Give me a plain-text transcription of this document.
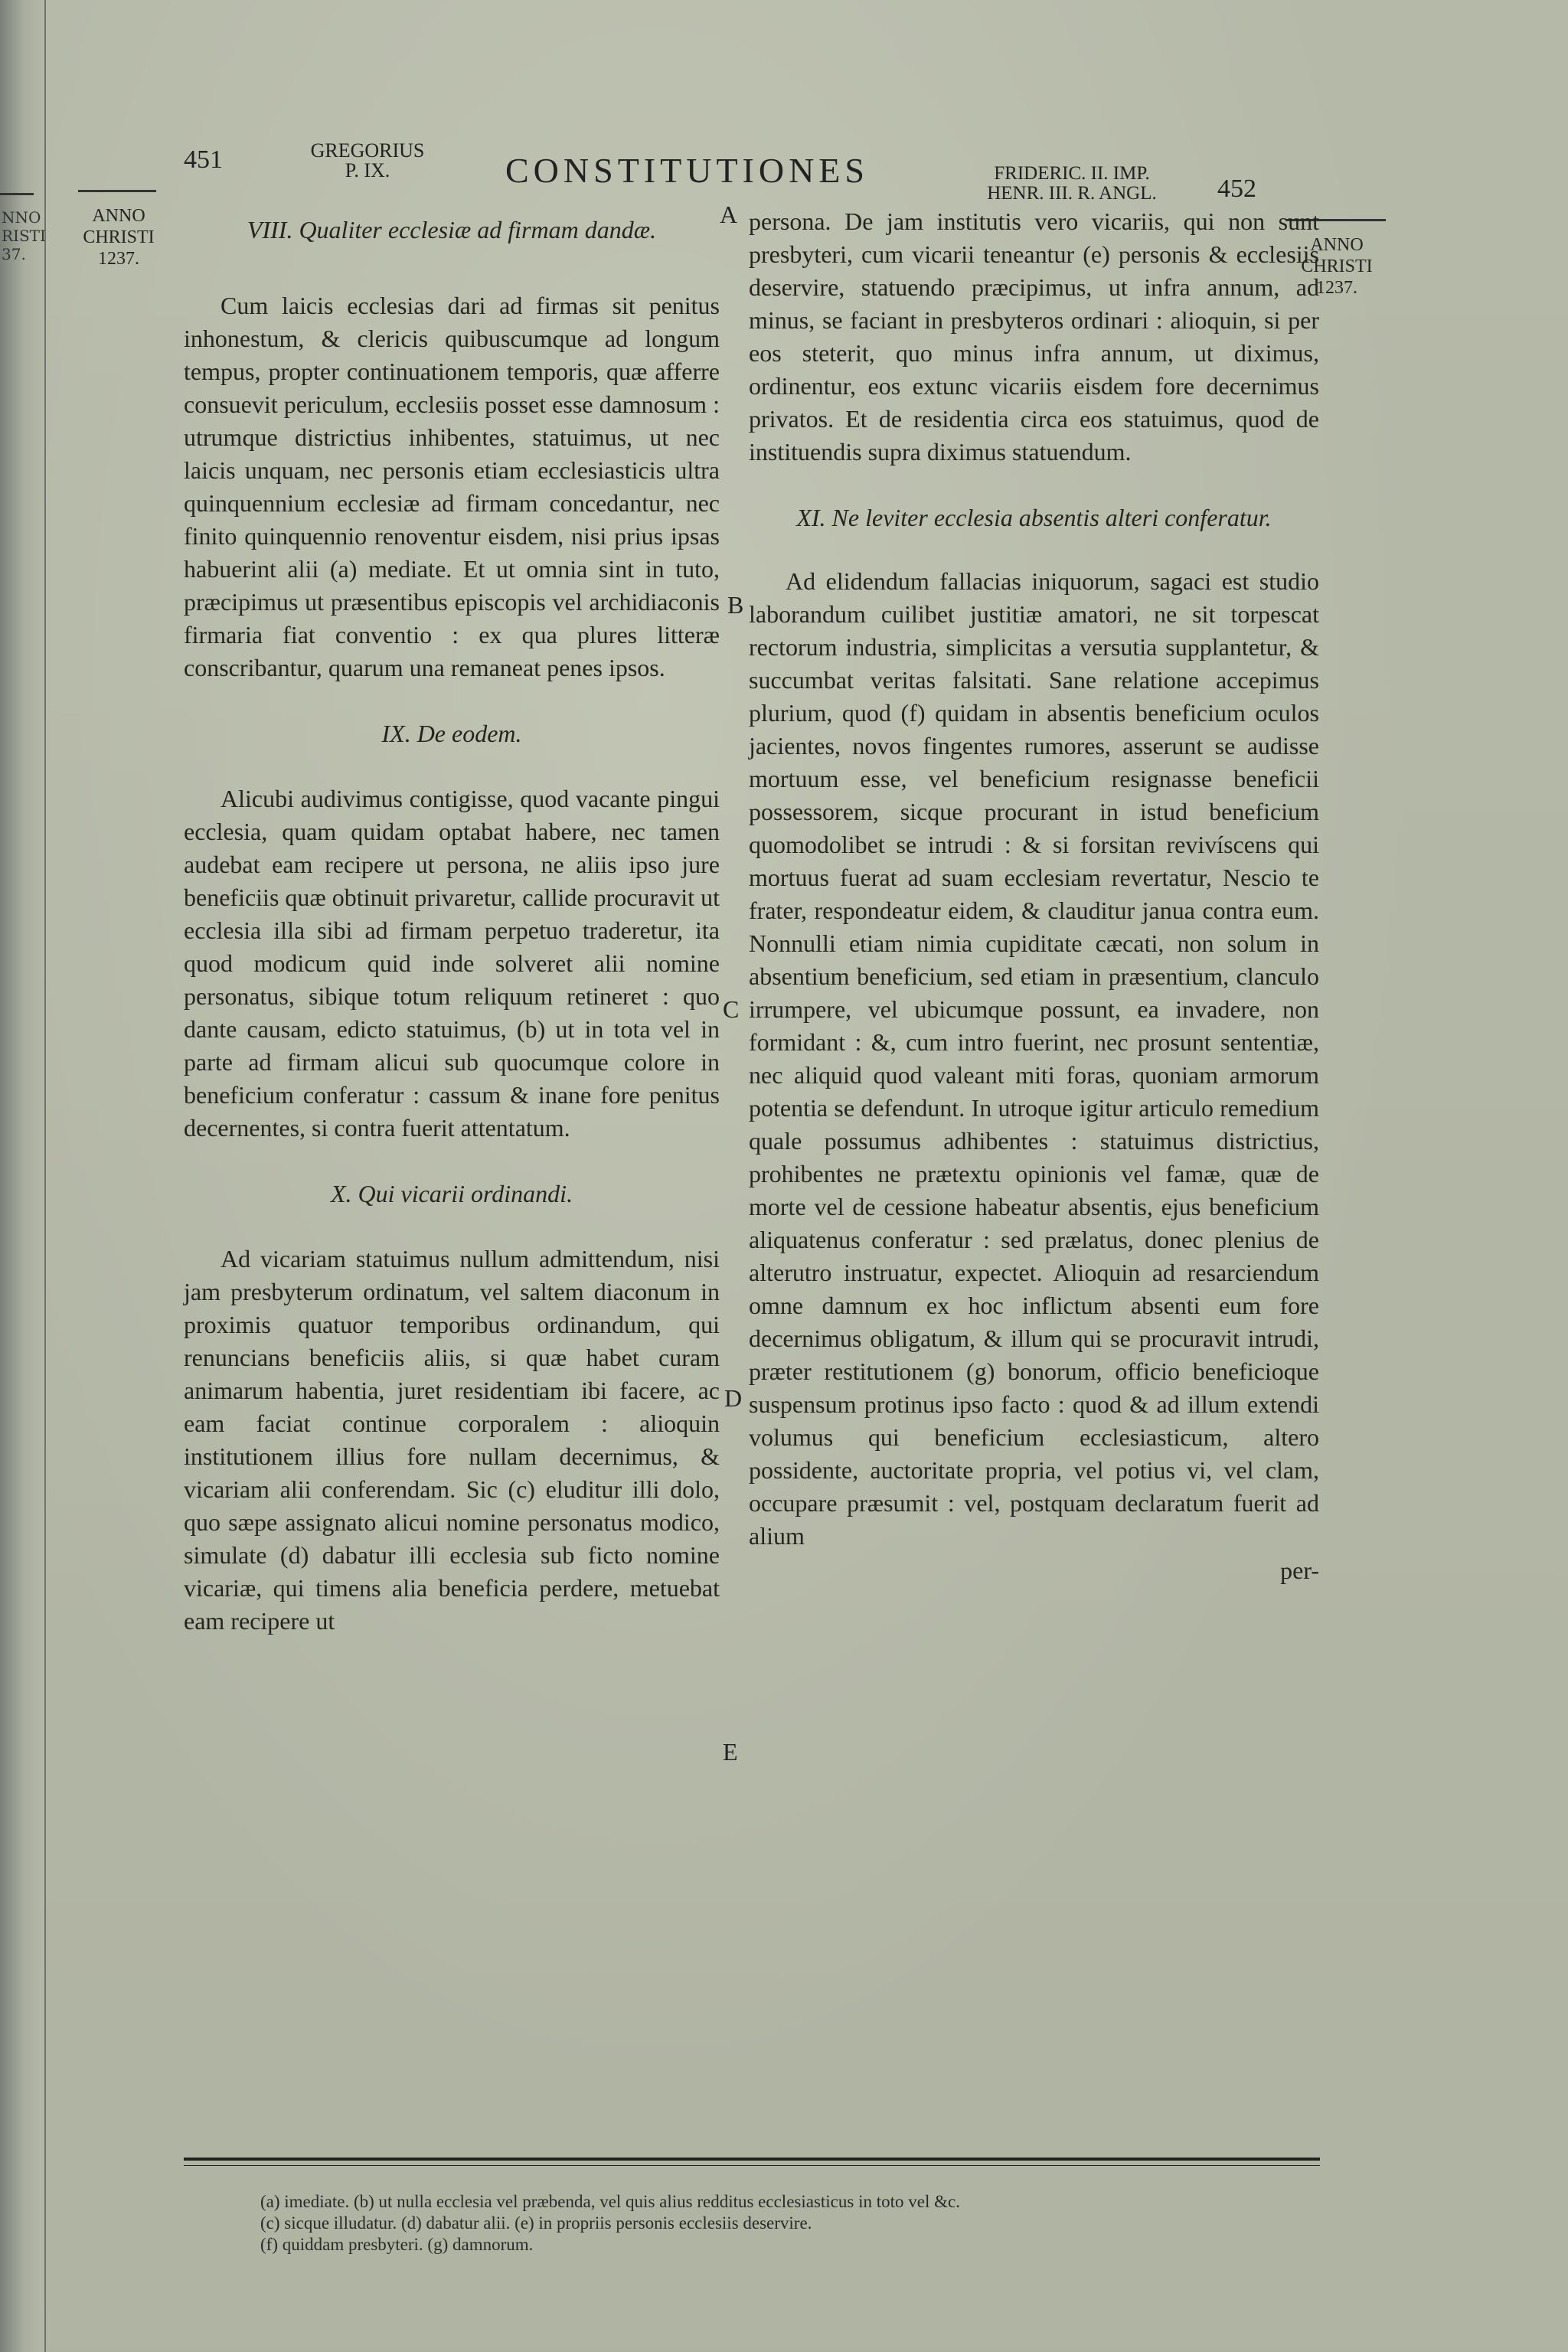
NNO
RISTI
37.
451	GREGORIUS
P. IX.	CONSTITUTIONES	FRIDERIC. II. IMP.
HENR. III. R. ANGL.	452
ANNO
CHRISTI
1237.
ANNO
CHRISTI
1237.
A
B
C
D
E

VIII. Qualiter ecclesiæ ad firmam dandæ.

Cum laicis ecclesias dari ad firmas sit penitus inhonestum, & clericis quibuscumque ad longum tempus, propter continuationem temporis, quæ afferre consuevit periculum, ecclesiis posset esse damnosum : utrumque districtius inhibentes, statuimus, ut nec laicis unquam, nec personis etiam ecclesiasticis ultra quinquennium ecclesiæ ad firmam concedantur, nec finito quinquennio renoventur eisdem, nisi prius ipsas habuerint alii (a) mediate. Et ut omnia sint in tuto, præcipimus ut præsentibus episcopis vel archidiaconis firmaria fiat conventio : ex qua plures litteræ conscribantur, quarum una remaneat penes ipsos.

IX. De eodem.

Alicubi audivimus contigisse, quod vacante pingui ecclesia, quam quidam optabat habere, nec tamen audebat eam recipere ut persona, ne aliis ipso jure beneficiis quæ obtinuit privaretur, callide procuravit ut ecclesia illa sibi ad firmam perpetuo traderetur, ita quod modicum quid inde solveret alii nomine personatus, sibique totum reliquum retineret : quo dante causam, edicto statuimus, (b) ut in tota vel in parte ad firmam alicui sub quocumque colore in beneficium conferatur : cassum & inane fore penitus decernentes, si contra fuerit attentatum.

X. Qui vicarii ordinandi.

Ad vicariam statuimus nullum admittendum, nisi jam presbyterum ordinatum, vel saltem diaconum in proximis quatuor temporibus ordinandum, qui renuncians beneficiis aliis, si quæ habet curam animarum habentia, juret residentiam ibi facere, ac eam faciat continue corporalem : alioquin institutionem illius fore nullam decernimus, & vicariam alii conferendam. Sic (c) eluditur illi dolo, quo sæpe assignato alicui nomine personatus modico, simulate (d) dabatur illi ecclesia sub ficto nomine vicariæ, qui timens alia beneficia perdere, metuebat eam recipere ut

persona. De jam institutis vero vicariis, qui non sunt presbyteri, cum vicarii teneantur (e) personis & ecclesiis deservire, statuendo præcipimus, ut infra annum, ad minus, se faciant in presbyteros ordinari : alioquin, si per eos steterit, quo minus infra annum, ut diximus, ordinentur, eos extunc vicariis eisdem fore decernimus privatos. Et de residentia circa eos statuimus, quod de instituendis supra diximus statuendum.

XI. Ne leviter ecclesia absentis alteri conferatur.

Ad elidendum fallacias iniquorum, sagaci est studio laborandum cuilibet justitiæ amatori, ne sit torpescat rectorum industria, simplicitas a versutia supplantetur, & succumbat veritas falsitati. Sane relatione accepimus plurium, quod (f) quidam in absentis beneficium oculos jacientes, novos fingentes rumores, asserunt se audisse mortuum esse, vel beneficium resignasse beneficii possessorem, sicque procurant in istud beneficium quomodolibet se intrudi : & si forsitan revivíscens qui mortuus fuerat ad suam ecclesiam revertatur, Nescio te frater, respondeatur eidem, & clauditur janua contra eum. Nonnulli etiam nimia cupiditate cæcati, non solum in absentium beneficium, sed etiam in præsentium, clanculo irrumpere, vel ubicumque possunt, ea invadere, non formidant : &, cum intro fuerint, nec prosunt sententiæ, nec aliquid quod valeant miti foras, quoniam armorum potentia se defendunt. In utroque igitur articulo remedium quale possumus adhibentes : statuimus districtius, prohibentes ne prætextu opinionis vel famæ, quæ de morte vel de cessione habeatur absentis, ejus beneficium aliquatenus conferatur : sed prælatus, donec plenius de alterutro instruatur, expectet. Alioquin ad resarciendum omne damnum ex hoc inflictum absenti eum fore decernimus obligatum, & illum qui se procuravit intrudi, præter restitutionem (g) bonorum, officio beneficioque suspensum protinus ipso facto : quod & ad illum extendi volumus qui beneficium ecclesiasticum, altero possidente, auctoritate propria, vel potius vi, vel clam, occupare præsumit : vel, postquam declaratum fuerit ad alium

per-
(a) imediate. (b) ut nulla ecclesia vel præbenda, vel quis alius redditus ecclesiasticus in toto vel &c.
(c) sicque illudatur. (d) dabatur alii. (e) in propriis personis ecclesiis deservire.
(f) quiddam presbyteri. (g) damnorum.
